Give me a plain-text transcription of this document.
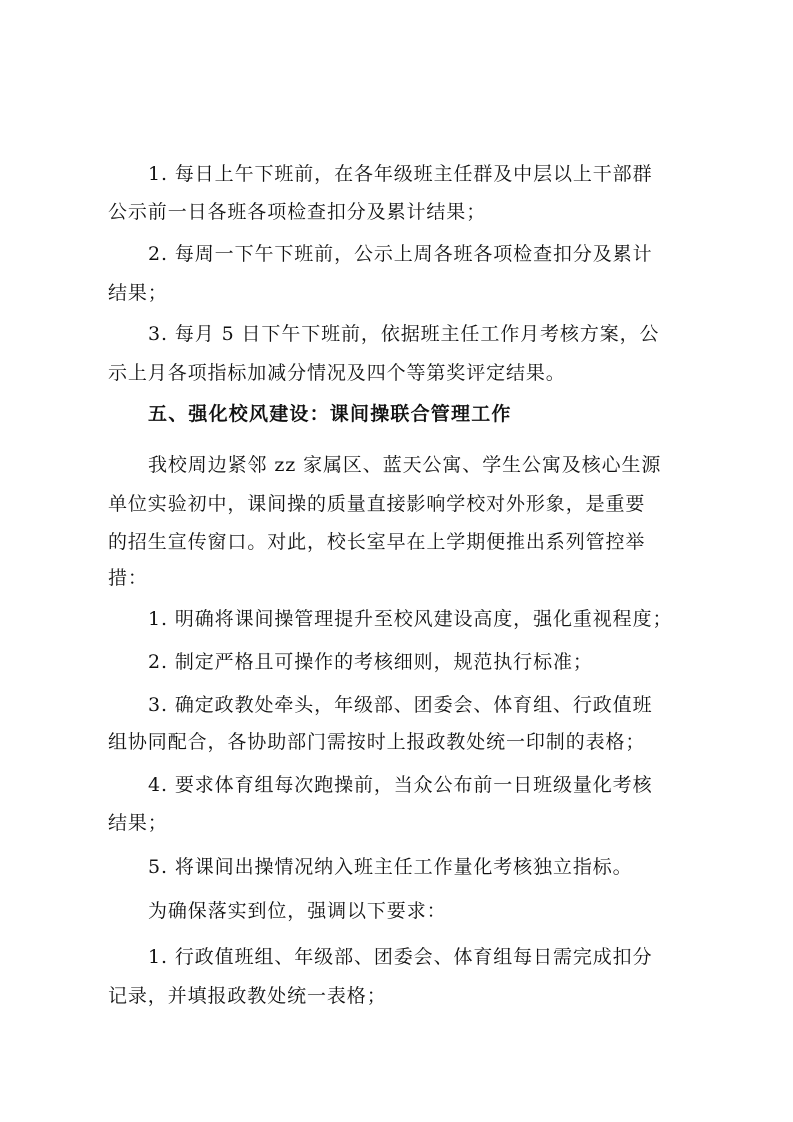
1. 每日上午下班前，在各年级班主任群及中层以上干部群
公示前一日各班各项检查扣分及累计结果；
2. 每周一下午下班前，公示上周各班各项检查扣分及累计
结果；
3. 每月 5 日下午下班前，依据班主任工作月考核方案，公
示上月各项指标加减分情况及四个等第奖评定结果。
五、强化校风建设：课间操联合管理工作
我校周边紧邻 zz 家属区、蓝天公寓、学生公寓及核心生源
单位实验初中，课间操的质量直接影响学校对外形象，是重要
的招生宣传窗口。对此，校长室早在上学期便推出系列管控举
措：
1. 明确将课间操管理提升至校风建设高度，强化重视程度；
2. 制定严格且可操作的考核细则，规范执行标准；
3. 确定政教处牵头，年级部、团委会、体育组、行政值班
组协同配合，各协助部门需按时上报政教处统一印制的表格；
4. 要求体育组每次跑操前，当众公布前一日班级量化考核
结果；
5. 将课间出操情况纳入班主任工作量化考核独立指标。
为确保落实到位，强调以下要求：
1. 行政值班组、年级部、团委会、体育组每日需完成扣分
记录，并填报政教处统一表格；
